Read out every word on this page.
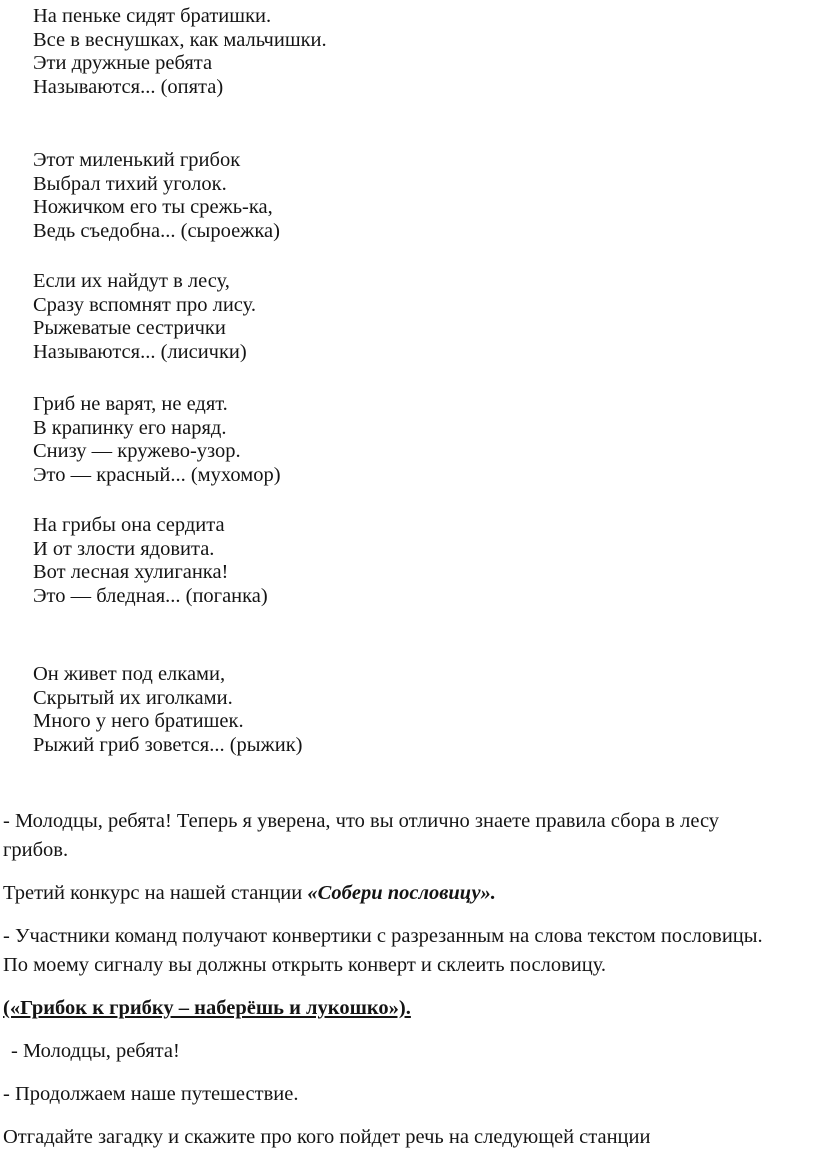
На пеньке сидят братишки.
Все в веснушках, как мальчишки.
Эти дружные ребята
Называются... (опята)
Этот миленький грибок
Выбрал тихий уголок.
Ножичком его ты срежь-ка,
Ведь съедобна... (сыроежка)
Если их найдут в лесу,
Сразу вспомнят про лису.
Рыжеватые сестрички
Называются... (лисички)
Гриб не варят, не едят.
В крапинку его наряд.
Снизу — кружево-узор.
Это — красный... (мухомор)
На грибы она сердита
И от злости ядовита.
Вот лесная хулиганка!
Это — бледная... (поганка)
Он живет под елками,
Скрытый их иголками.
Много у него братишек.
Рыжий гриб зовется... (рыжик)

- Молодцы, ребята! Теперь я уверена, что вы отлично знаете правила сбора в лесу
грибов.

Третий конкурс на нашей станции «Собери пословицу».

- Участники команд получают конвертики с разрезанным на слова текстом пословицы.
По моему сигналу вы должны открыть конверт и склеить пословицу.

(«Грибок к грибку – наберёшь и лукошко»).

- Молодцы, ребята!

- Продолжаем наше путешествие.

Отгадайте загадку и скажите про кого пойдет речь на следующей станции
